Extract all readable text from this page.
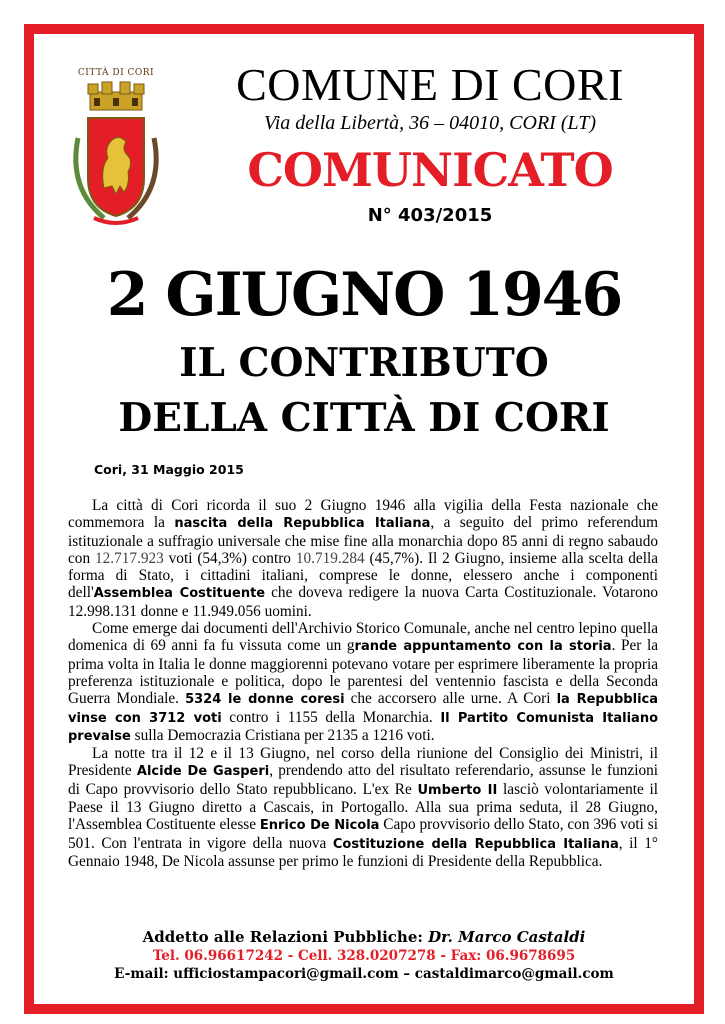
CITTÀ DI CORI	COMUNE DI CORI
Via della Libertà, 36 – 04010, CORI (LT)
COMUNICATO
N° 403/2015
2 GIUGNO 1946
IL CONTRIBUTO
DELLA CITTÀ DI CORI
Cori, 31 Maggio 2015

La città di Cori ricorda il suo 2 Giugno 1946 alla vigilia della Festa nazionale che commemora la nascita della Repubblica Italiana, a seguito del primo referendum istituzionale a suffragio universale che mise fine alla monarchia dopo 85 anni di regno sabaudo con 12.717.923 voti (54,3%) contro 10.719.284 (45,7%). Il 2 Giugno, insieme alla scelta della forma di Stato, i cittadini italiani, comprese le donne, elessero anche i componenti dell'Assemblea Costituente che doveva redigere la nuova Carta Costituzionale. Votarono 12.998.131 donne e 11.949.056 uomini.

Come emerge dai documenti dell'Archivio Storico Comunale, anche nel centro lepino quella domenica di 69 anni fa fu vissuta come un grande appuntamento con la storia. Per la prima volta in Italia le donne maggiorenni potevano votare per esprimere liberamente la propria preferenza istituzionale e politica, dopo le parentesi del ventennio fascista e della Seconda Guerra Mondiale. 5324 le donne coresi che accorsero alle urne. A Cori la Repubblica vinse con 3712 voti contro i 1155 della Monarchia. Il Partito Comunista Italiano prevalse sulla Democrazia Cristiana per 2135 a 1216 voti.

La notte tra il 12 e il 13 Giugno, nel corso della riunione del Consiglio dei Ministri, il Presidente Alcide De Gasperi, prendendo atto del risultato referendario, assunse le funzioni di Capo provvisorio dello Stato repubblicano. L'ex Re Umberto II lasciò volontariamente il Paese il 13 Giugno diretto a Cascais, in Portogallo. Alla sua prima seduta, il 28 Giugno, l'Assemblea Costituente elesse Enrico De Nicola Capo provvisorio dello Stato, con 396 voti si 501. Con l'entrata in vigore della nuova Costituzione della Repubblica Italiana, il 1° Gennaio 1948, De Nicola assunse per primo le funzioni di Presidente della Repubblica.

Addetto alle Relazioni Pubbliche: Dr. Marco Castaldi
Tel. 06.96617242 - Cell. 328.0207278 - Fax: 06.9678695
E-mail: ufficiostampacori@gmail.com – castaldimarco@gmail.com
